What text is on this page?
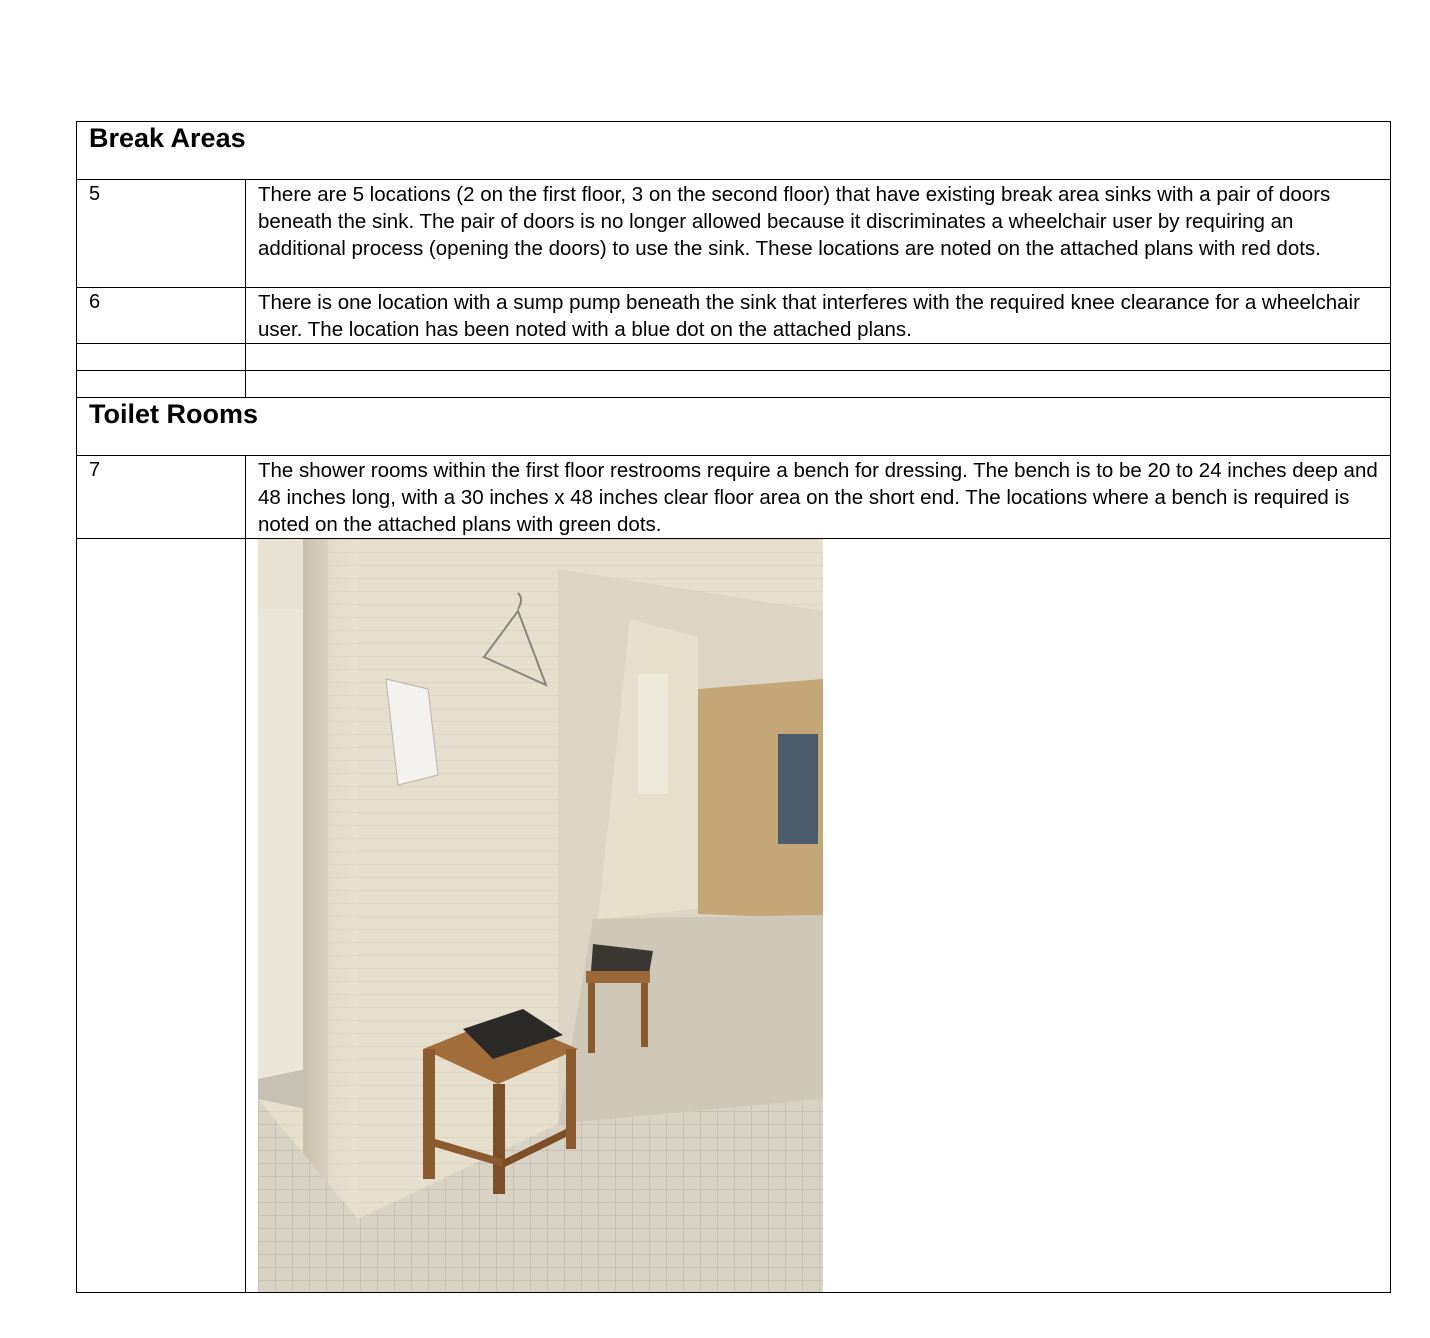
Break Areas	

5	There are 5 locations (2 on the first floor, 3 on the second floor) that have existing break area sinks with a pair of doors beneath the sink. The pair of doors is no longer allowed because it discriminates a wheelchair user by requiring an additional process (opening the doors) to use the sink. These locations are noted on the attached plans with red dots.

6	There is one location with a sump pump beneath the sink that interferes with the required knee clearance for a wheelchair user. The location has been noted with a blue dot on the attached plans.

Toilet Rooms	

7	The shower rooms within the first floor restrooms require a bench for dressing. The bench is to be 20 to 24 inches deep and 48 inches long, with a 30 inches x 48 inches clear floor area on the short end. The locations where a bench is required is noted on the attached plans with green dots.
